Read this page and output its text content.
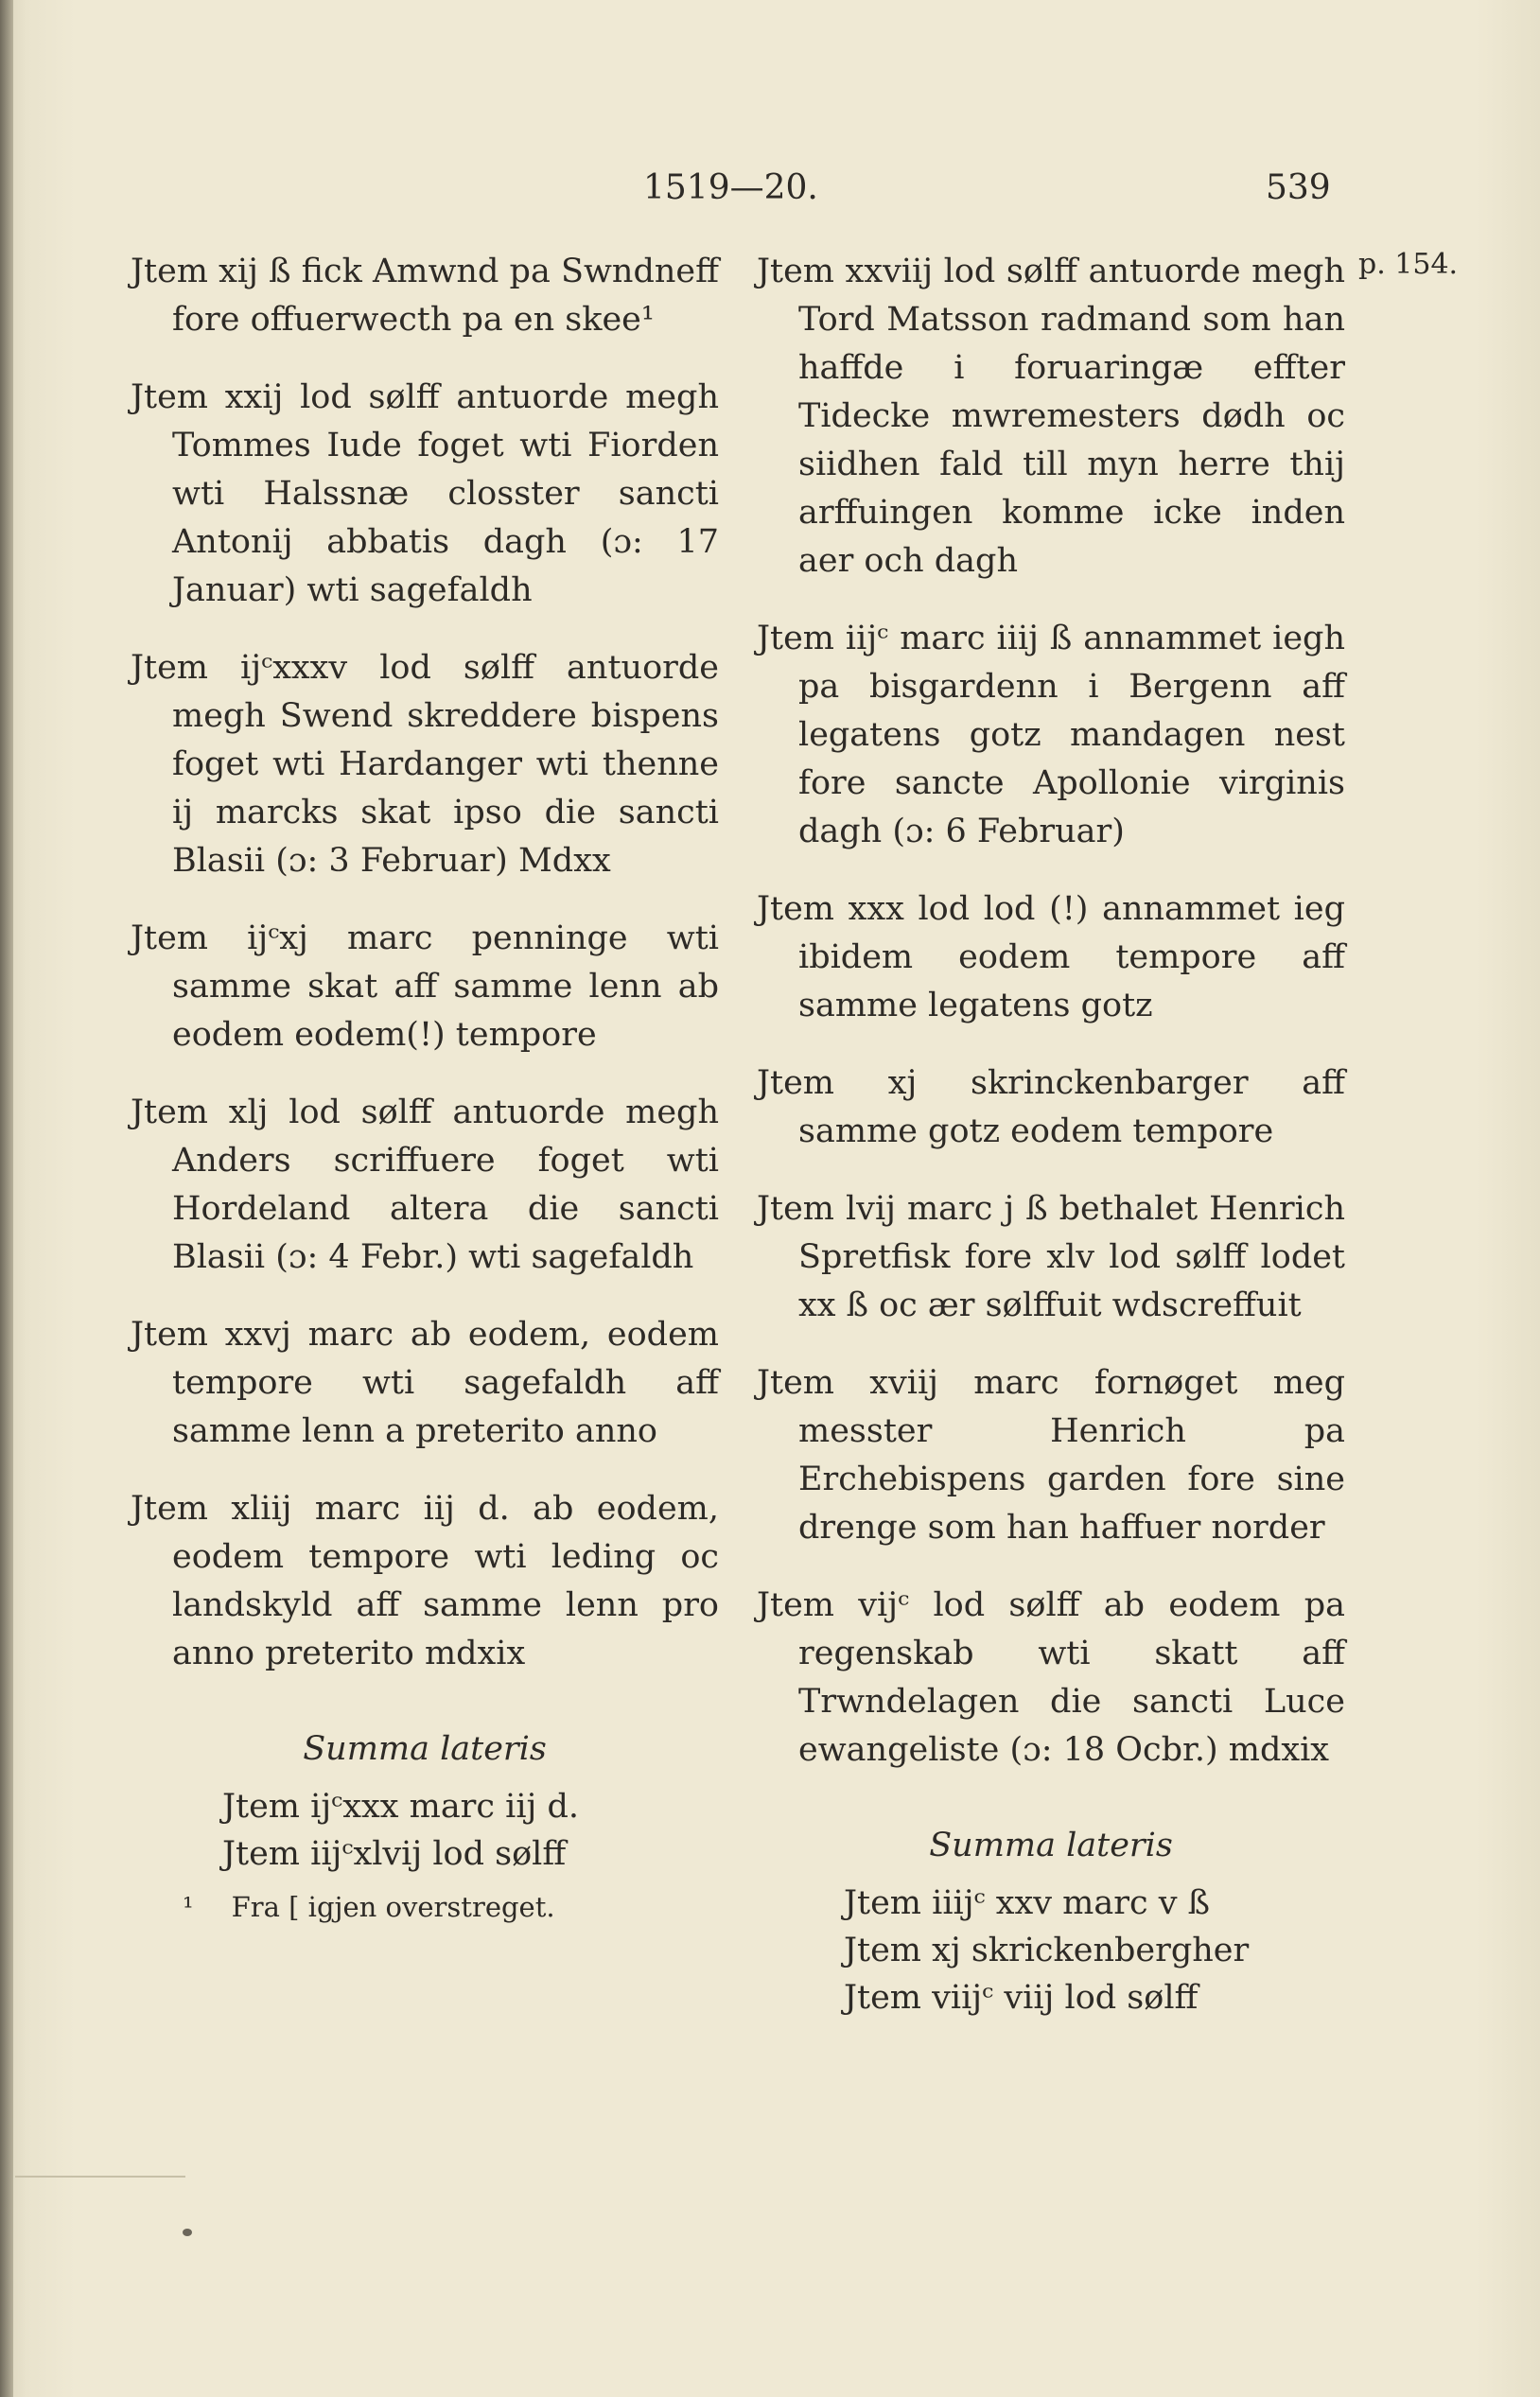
1519—20.	539
p. 154.

Jtem xij ß fick Amwnd pa Swndneff fore offuerwecth pa en skee¹

Jtem xxij lod sølff antuorde megh Tommes Iude foget wti Fiorden wti Halssnæ closster sancti Antonij abbatis dagh (ɔ: 17 Januar) wti sagefaldh

Jtem ijᶜxxxv lod sølff antuorde megh Swend skreddere bispens foget wti Hardanger wti thenne ij marcks skat ipso die sancti Blasii (ɔ: 3 Februar) Mdxx

Jtem ijᶜxj marc penninge wti samme skat aff samme lenn ab eodem eodem(!) tempore

Jtem xlj lod sølff antuorde megh Anders scriffuere foget wti Hordeland altera die sancti Blasii (ɔ: 4 Febr.) wti sagefaldh

Jtem xxvj marc ab eodem, eodem tempore wti sagefaldh aff samme lenn a preterito anno

Jtem xliij marc iij d. ab eodem, eodem tempore wti leding oc landskyld aff samme lenn pro anno preterito mdxix

Summa lateris
Jtem ijᶜxxx marc iij d.
Jtem iijᶜxlvij lod sølff
¹ Fra [ igjen overstreget.

Jtem xxviij lod sølff antuorde megh Tord Matsson radmand som han haffde i foruaringæ effter Tidecke mwremesters dødh oc siidhen fald till myn herre thij arffuingen komme icke inden aer och dagh

Jtem iijᶜ marc iiij ß annammet iegh pa bisgardenn i Bergenn aff legatens gotz mandagen nest fore sancte Apollonie virginis dagh (ɔ: 6 Februar)

Jtem xxx lod lod (!) annammet ieg ibidem eodem tempore aff samme legatens gotz

Jtem xj skrinckenbarger aff samme gotz eodem tempore

Jtem lvij marc j ß bethalet Henrich Spretfisk fore xlv lod sølff lodet xx ß oc ær sølffuit wdscreffuit

Jtem xviij marc fornøget meg messter Henrich pa Erchebispens garden fore sine drenge som han haffuer norder

Jtem vijᶜ lod sølff ab eodem pa regenskab wti skatt aff Trwndelagen die sancti Luce ewangeliste (ɔ: 18 Ocbr.) mdxix

Summa lateris
Jtem iiijᶜ xxv marc v ß
Jtem xj skrickenbergher
Jtem viijᶜ viij lod sølff
